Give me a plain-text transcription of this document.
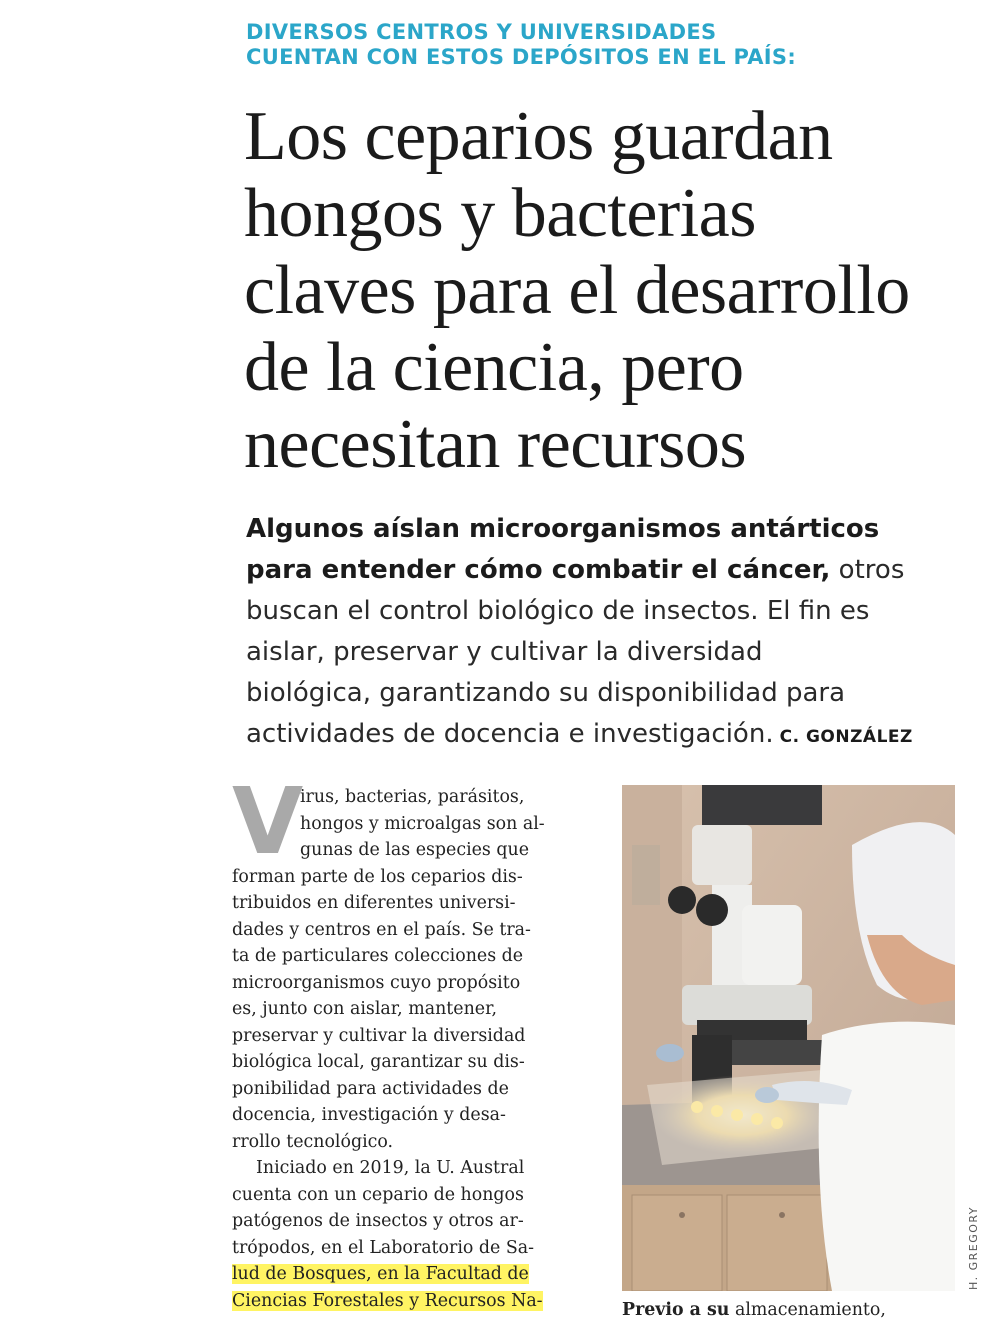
DIVERSOS CENTROS Y UNIVERSIDADES
CUENTAN CON ESTOS DEPÓSITOS EN EL PAÍS:
Los ceparios guardan
hongos y bacterias
claves para el desarrollo
de la ciencia, pero
necesitan recursos
Algunos aíslan microorganismos antárticos
para entender cómo combatir el cáncer, otros
buscan el control biológico de insectos. El fin es
aislar, preservar y cultivar la diversidad
biológica, garantizando su disponibilidad para
actividades de docencia e investigación. C. GONZÁLEZ
V
irus, bacterias, parásitos,
hongos y microalgas son al-
gunas de las especies que
forman parte de los ceparios dis-
tribuidos en diferentes universi-
dades y centros en el país. Se tra-
ta de particulares colecciones de
microorganismos cuyo propósito
es, junto con aislar, mantener,
preservar y cultivar la diversidad
biológica local, garantizar su dis-
ponibilidad para actividades de
docencia, investigación y desa-
rrollo tecnológico.
Iniciado en 2019, la U. Austral
cuenta con un cepario de hongos
patógenos de insectos y otros ar-
trópodos, en el Laboratorio de Sa-
lud de Bosques, en la Facultad de
Ciencias Forestales y Recursos Na-
H. GREGORY
Previo a su almacenamiento,
